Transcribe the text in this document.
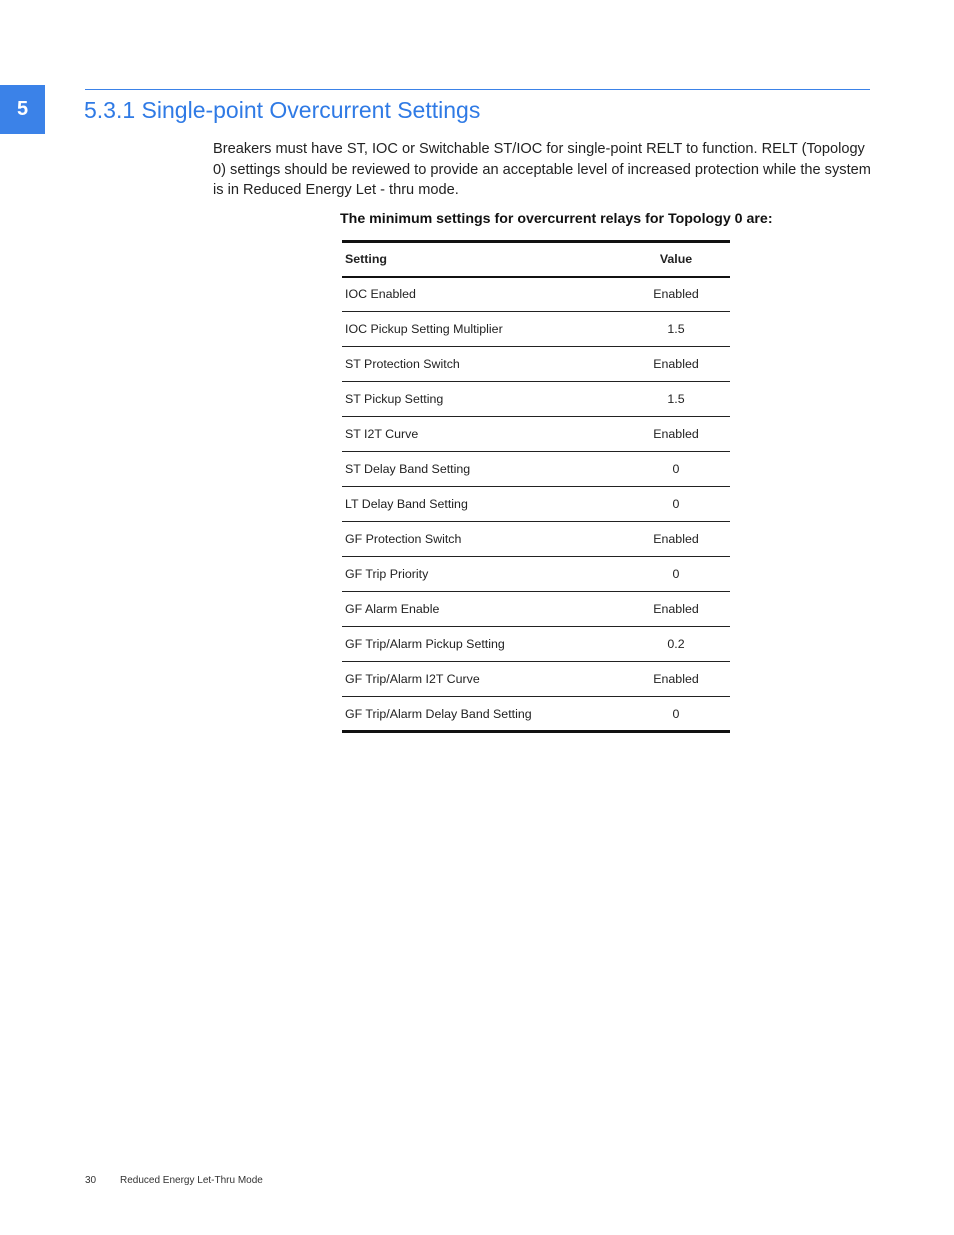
5	5.3.1 Single-point Overcurrent Settings

Breakers must have ST, IOC or Switchable ST/IOC for single-point RELT to function. RELT (Topology 0) settings should be reviewed to provide an acceptable level of increased protection while the system is in Reduced Energy Let - thru mode.

The minimum settings for overcurrent relays for Topology 0 are:

Setting	Value
IOC Enabled	Enabled
IOC Pickup Setting Multiplier	1.5
ST Protection Switch	Enabled
ST Pickup Setting	1.5
ST I2T Curve	Enabled
ST Delay Band Setting	0
LT Delay Band Setting	0
GF Protection Switch	Enabled
GF Trip Priority	0
GF Alarm Enable	Enabled
GF Trip/Alarm Pickup Setting	0.2
GF Trip/Alarm I2T Curve	Enabled
GF Trip/Alarm Delay Band Setting	0
30 Reduced Energy Let-Thru Mode
